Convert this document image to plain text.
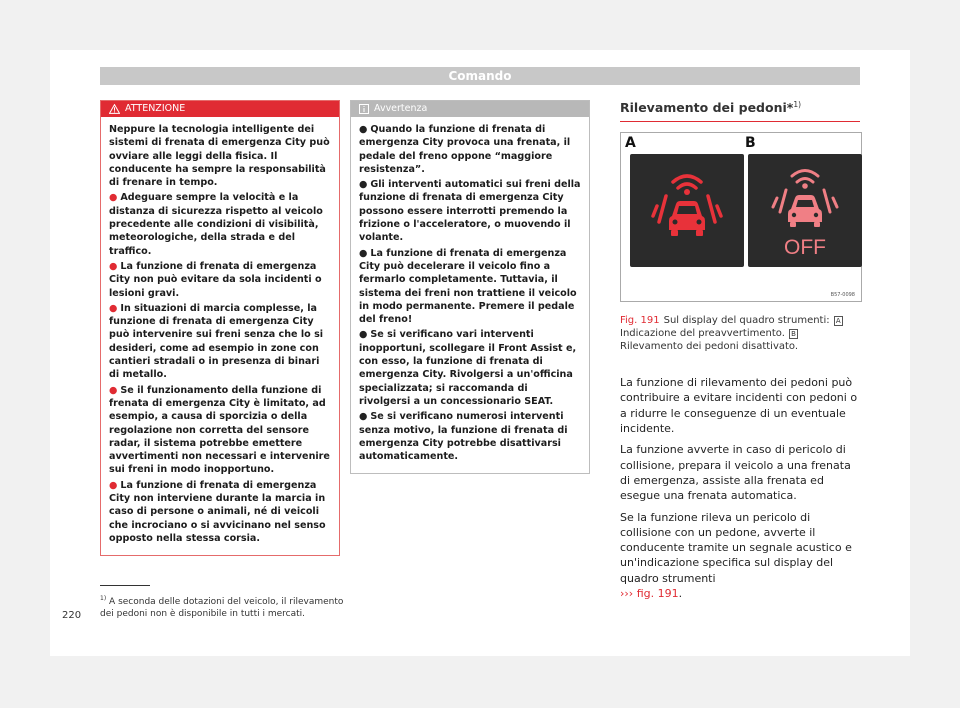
Comando
ATTENZIONE

Neppure la tecnologia intelligente dei sistemi di frenata di emergenza City può ovviare alle leggi della fisica. Il conducente ha sempre la responsabilità di frenare in tempo.

● Adeguare sempre la velocità e la distanza di sicurezza rispetto al veicolo precedente alle condizioni di visibilità, meteorologiche, della strada e del traffico.

● La funzione di frenata di emergenza City non può evitare da sola incidenti o lesioni gravi.

● In situazioni di marcia complesse, la funzione di frenata di emergenza City può intervenire sui freni senza che lo si desideri, come ad esempio in zone con cantieri stradali o in presenza di binari di metallo.

● Se il funzionamento della funzione di frenata di emergenza City è limitato, ad esempio, a causa di sporcizia o della regolazione non corretta del sensore radar, il sistema potrebbe emettere avvertimenti non necessari e intervenire sui freni in modo inopportuno.

● La funzione di frenata di emergenza City non interviene durante la marcia in caso di persone o animali, né di veicoli che incrociano o si avvicinano nel senso opposto nella stessa corsia.

Avvertenza

● Quando la funzione di frenata di emergenza City provoca una frenata, il pedale del freno oppone “maggiore resistenza”.

● Gli interventi automatici sui freni della funzione di frenata di emergenza City possono essere interrotti premendo la frizione o l'acceleratore, o muovendo il volante.

● La funzione di frenata di emergenza City può decelerare il veicolo fino a fermarlo completamente. Tuttavia, il sistema dei freni non trattiene il veicolo in modo permanente. Premere il pedale del freno!

● Se si verificano vari interventi inopportuni, scollegare il Front Assist e, con esso, la funzione di frenata di emergenza City. Rivolgersi a un'officina specializzata; si raccomanda di rivolgersi a un concessionario SEAT.

● Se si verificano numerosi interventi senza motivo, la funzione di frenata di emergenza City potrebbe disattivarsi automaticamente.

Rilevamento dei pedoni*$^{1)}$
A	B
OFF
B57-0098
Fig. 191 Sul display del quadro strumenti: A Indicazione del preavvertimento. B Rilevamento dei pedoni disattivato.

La funzione di rilevamento dei pedoni può contribuire a evitare incidenti con pedoni o a ridurre le conseguenze di un eventuale incidente.

La funzione avverte in caso di pericolo di collisione, prepara il veicolo a una frenata di emergenza, assiste alla frenata ed esegue una frenata automatica.

Se la funzione rileva un pericolo di collisione con un pedone, avverte il conducente tramite un segnale acustico e un'indicazione specifica sul display del quadro strumenti
››› fig. 191.

$^{1)}$ A seconda delle dotazioni del veicolo, il rilevamento dei pedoni non è disponibile in tutti i mercati.
220
